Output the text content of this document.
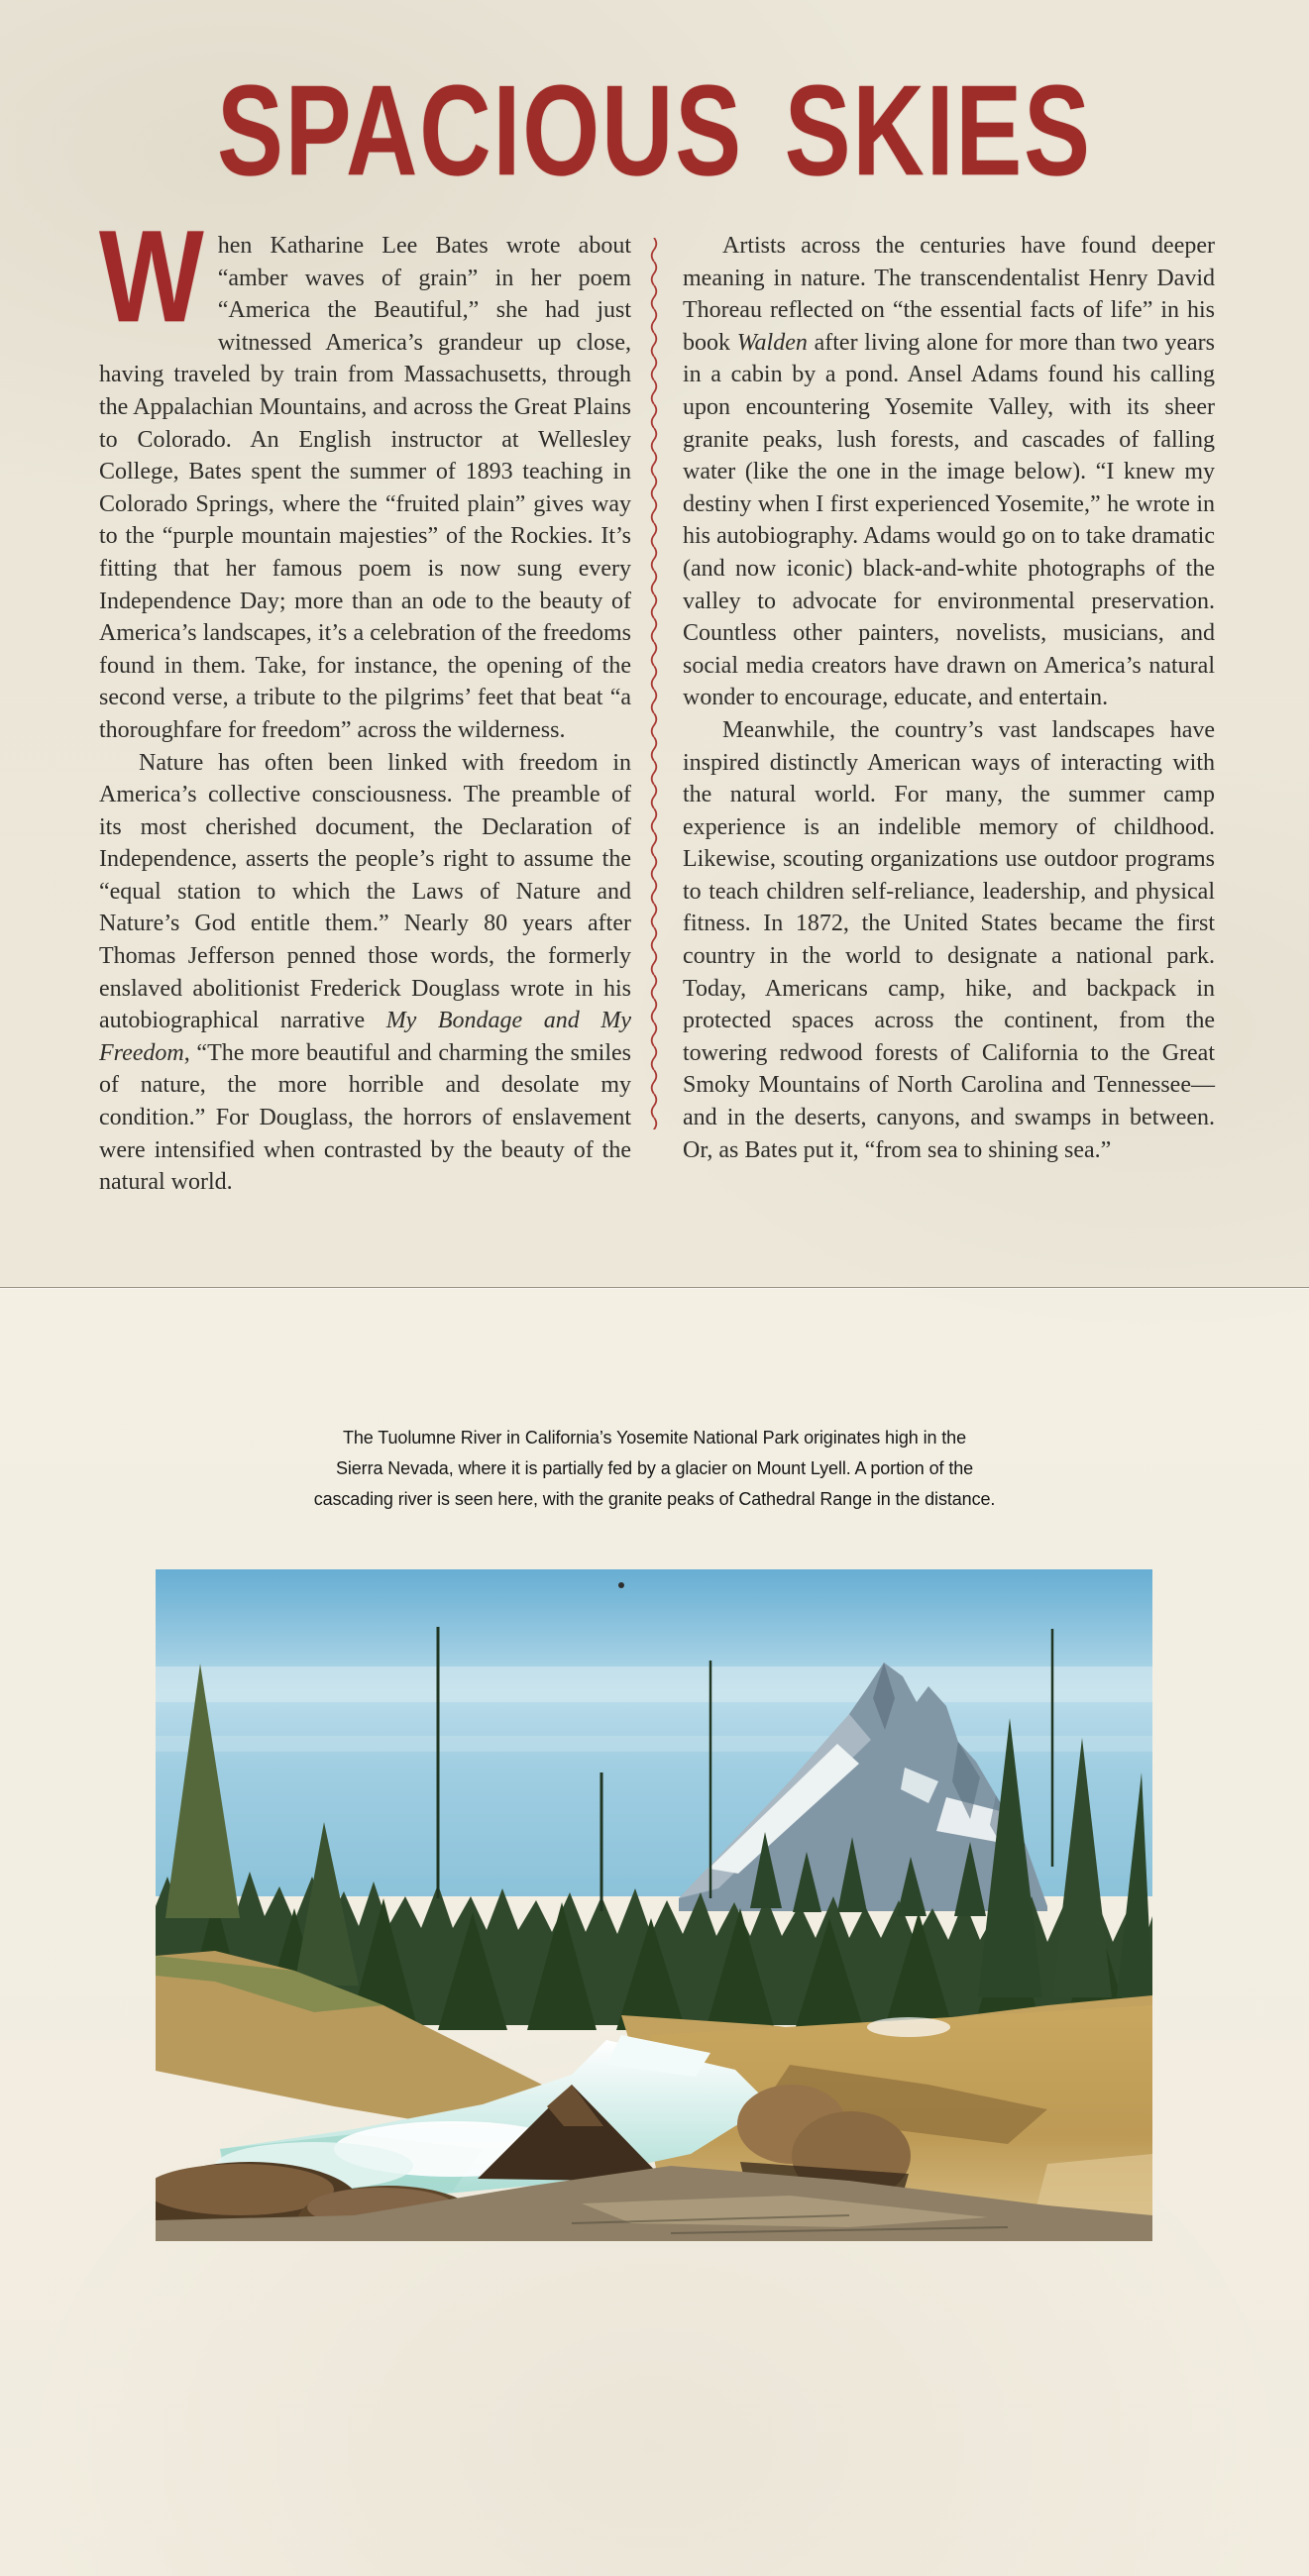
SPACIOUS SKIES

When Katharine Lee Bates wrote about “amber waves of grain” in her poem “America the Beautiful,” she had just witnessed America’s grandeur up close, having traveled by train from Massachusetts, through the Appalachian Mountains, and across the Great Plains to Colorado. An English instructor at Wellesley College, Bates spent the summer of 1893 teaching in Colorado Springs, where the “fruited plain” gives way to the “purple mountain majesties” of the Rockies. It’s fitting that her famous poem is now sung every Independence Day; more than an ode to the beauty of America’s landscapes, it’s a celebration of the freedoms found in them. Take, for instance, the opening of the second verse, a tribute to the pilgrims’ feet that beat “a thoroughfare for freedom” across the wilderness.

Nature has often been linked with freedom in America’s collective consciousness. The preamble of its most cherished document, the Declaration of Independence, asserts the people’s right to assume the “equal station to which the Laws of Nature and Nature’s God entitle them.” Nearly 80 years after Thomas Jefferson penned those words, the formerly enslaved abolitionist Frederick Douglass wrote in his autobiographical narrative My Bondage and My Freedom, “The more beautiful and charming the smiles of nature, the more horrible and desolate my condition.” For Douglass, the horrors of enslavement were intensified when contrasted by the beauty of the natural world.

Artists across the centuries have found deeper meaning in nature. The transcendentalist Henry David Thoreau reflected on “the essential facts of life” in his book Walden after living alone for more than two years in a cabin by a pond. Ansel Adams found his calling upon encountering Yosemite Valley, with its sheer granite peaks, lush forests, and cascades of falling water (like the one in the image below). “I knew my destiny when I first experienced Yosemite,” he wrote in his autobiography. Adams would go on to take dramatic (and now iconic) black-and-white photographs of the valley to advocate for environmental preservation. Countless other painters, novelists, musicians, and social media creators have drawn on America’s natural wonder to encourage, educate, and entertain.

Meanwhile, the country’s vast landscapes have inspired distinctly American ways of interacting with the natural world. For many, the summer camp experience is an indelible memory of childhood. Likewise, scouting organizations use outdoor programs to teach children self-reliance, leadership, and physical fitness. In 1872, the United States became the first country in the world to designate a national park. Today, Americans camp, hike, and backpack in protected spaces across the continent, from the towering redwood forests of California to the Great Smoky Mountains of North Carolina and Tennessee—and in the deserts, canyons, and swamps in between. Or, as Bates put it, “from sea to shining sea.”

The Tuolumne River in California’s Yosemite National Park originates high in the
Sierra Nevada, where it is partially fed by a glacier on Mount Lyell. A portion of the
cascading river is seen here, with the granite peaks of Cathedral Range in the distance.
